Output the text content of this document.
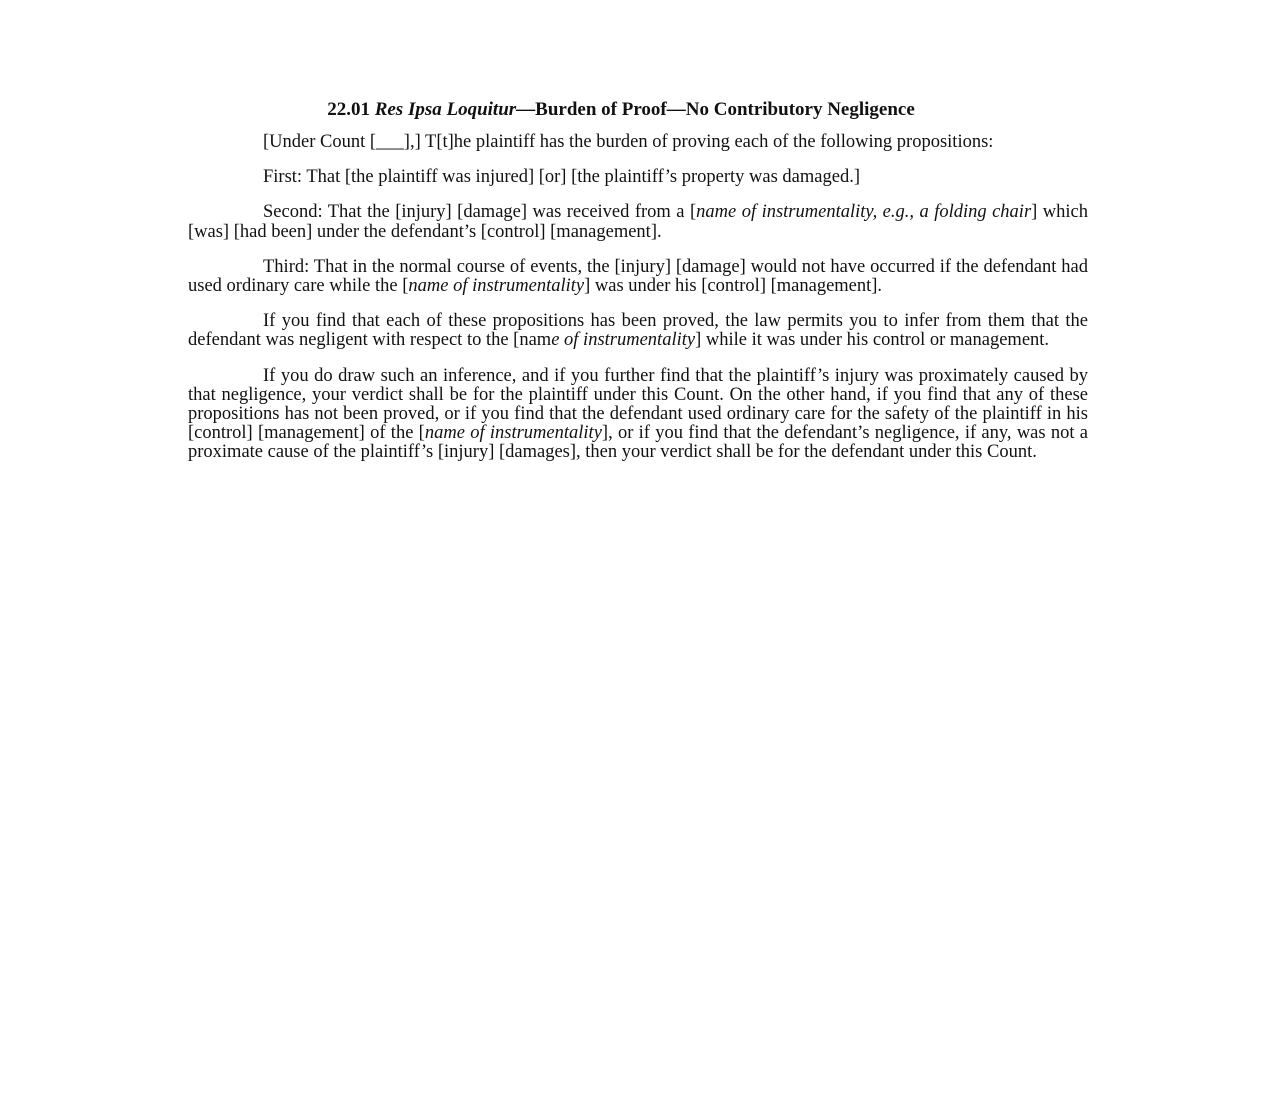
22.01 Res Ipsa Loquitur—Burden of Proof—No Contributory Negligence

[Under Count [___],] T[t]he plaintiff has the burden of proving each of the following propositions:

First: That [the plaintiff was injured] [or] [the plaintiff’s property was damaged.]

Second: That the [injury] [damage] was received from a [name of instrumentality, e.g., a folding chair] which [was] [had been] under the defendant’s [control] [management].

Third: That in the normal course of events, the [injury] [damage] would not have occurred if the defendant had used ordinary care while the [name of instrumentality] was under his [control] [management].

If you find that each of these propositions has been proved, the law permits you to infer from them that the defendant was negligent with respect to the [name of instrumentality] while it was under his control or management.

If you do draw such an inference, and if you further find that the plaintiff’s injury was proximately caused by that negligence, your verdict shall be for the plaintiff under this Count. On the other hand, if you find that any of these propositions has not been proved, or if you find that the defendant used ordinary care for the safety of the plaintiff in his [control] [management] of the [name of instrumentality], or if you find that the defendant’s negligence, if any, was not a proximate cause of the plaintiff’s [injury] [damages], then your verdict shall be for the defendant under this Count.
